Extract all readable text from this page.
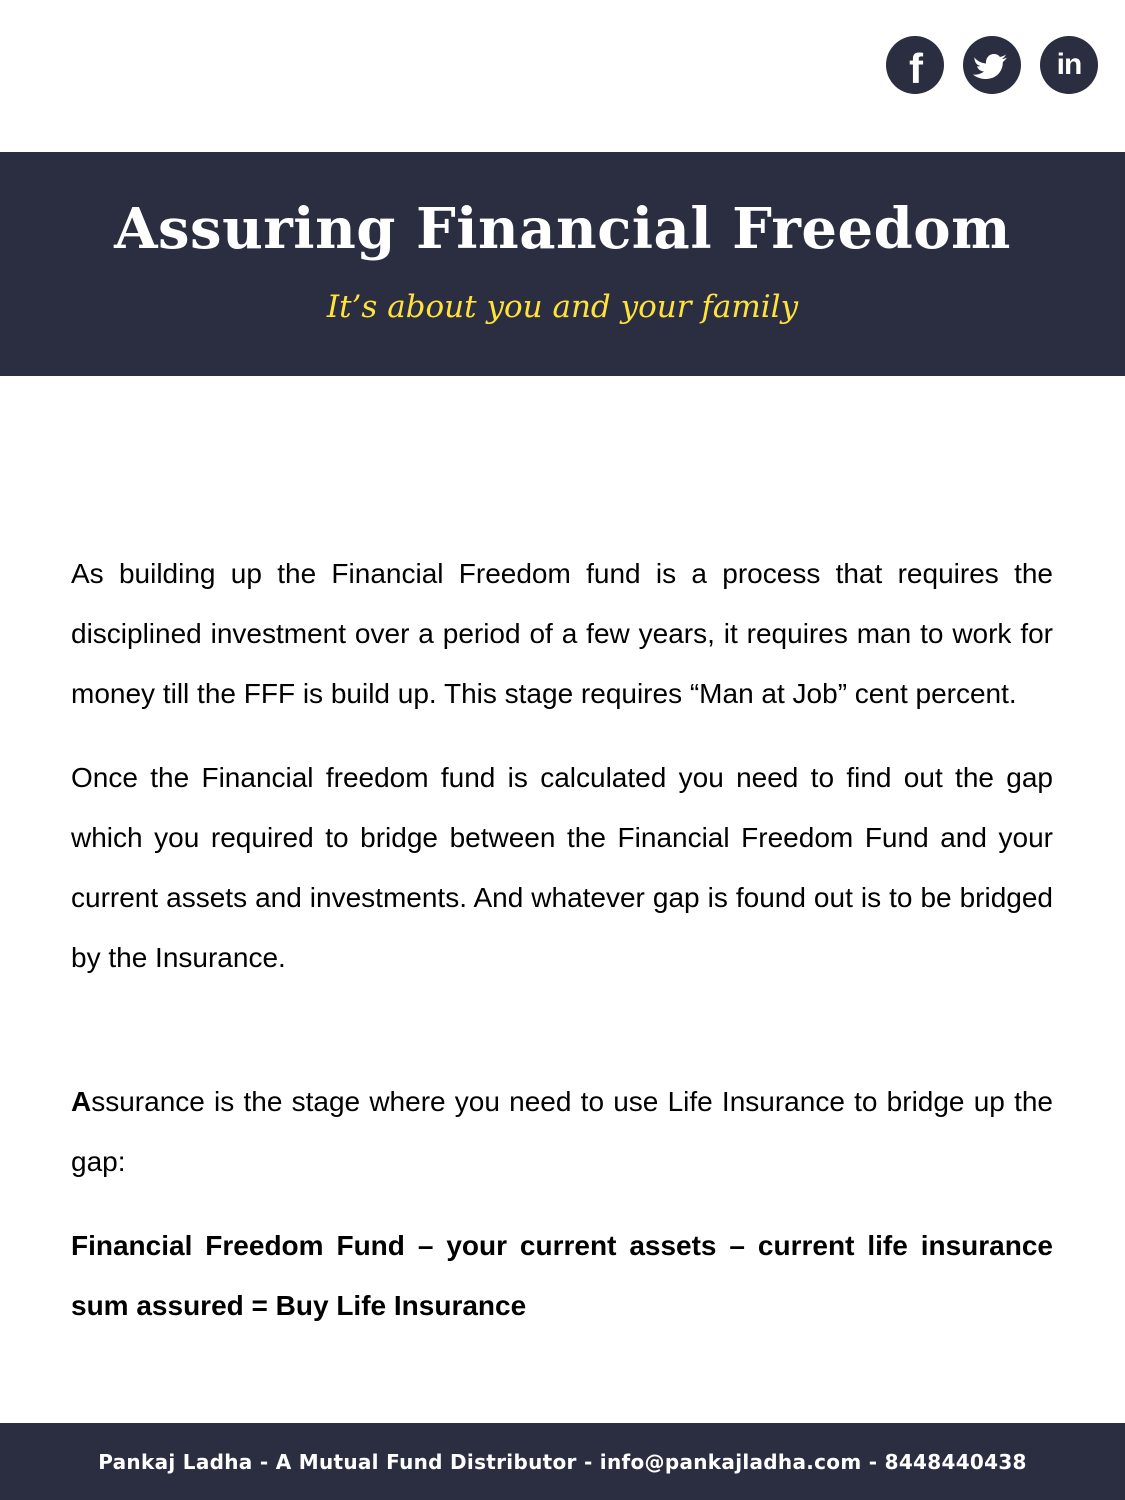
f	in
Assuring Financial Freedom

It’s about you and your family

As building up the Financial Freedom fund is a process that requires the disciplined investment over a period of a few years, it requires man to work for money till the FFF is build up. This stage requires “Man at Job” cent percent.

Once the Financial freedom fund is calculated you need to find out the gap which you required to bridge between the Financial Freedom Fund and your current assets and investments. And whatever gap is found out is to be bridged by the Insurance.

Assurance is the stage where you need to use Life Insurance to bridge up the gap:

Financial Freedom Fund – your current assets – current life insurance sum assured = Buy Life Insurance

Pankaj Ladha - A Mutual Fund Distributor - info@pankajladha.com - 8448440438
